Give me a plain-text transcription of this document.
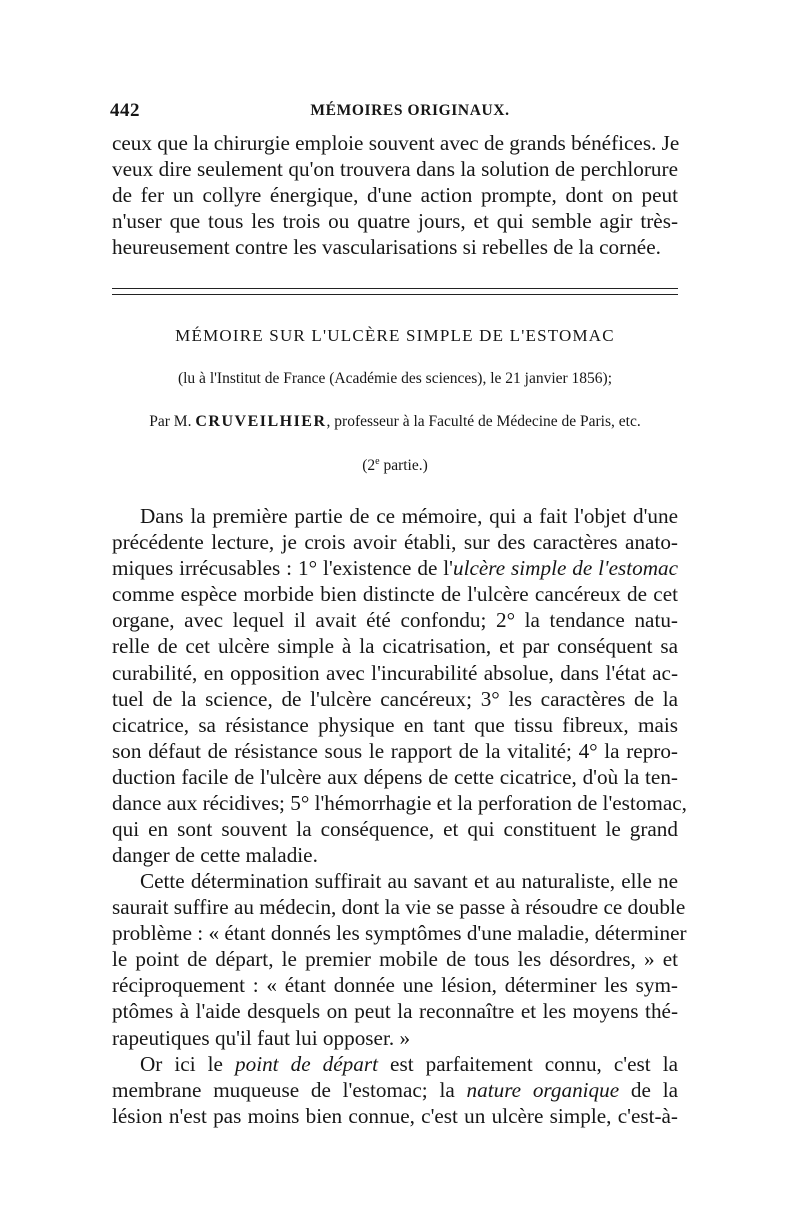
442	MÉMOIRES ORIGINAUX.

ceux que la chirurgie emploie souvent avec de grands bénéfices. Je
veux dire seulement qu'on trouvera dans la solution de perchlorure
de fer un collyre énergique, d'une action prompte, dont on peut
n'user que tous les trois ou quatre jours, et qui semble agir très-
heureusement contre les vascularisations si rebelles de la cornée.

MÉMOIRE SUR L'ULCÈRE SIMPLE DE L'ESTOMAC

(lu à l'Institut de France (Académie des sciences), le 21 janvier 1856);

Par M. CRUVEILHIER, professeur à la Faculté de Médecine de Paris, etc.

(2e partie.)

Dans la première partie de ce mémoire, qui a fait l'objet d'une
précédente lecture, je crois avoir établi, sur des caractères anato-
miques irrécusables : 1° l'existence de l'ulcère simple de l'estomac
comme espèce morbide bien distincte de l'ulcère cancéreux de cet
organe, avec lequel il avait été confondu; 2° la tendance natu-
relle de cet ulcère simple à la cicatrisation, et par conséquent sa
curabilité, en opposition avec l'incurabilité absolue, dans l'état ac-
tuel de la science, de l'ulcère cancéreux; 3° les caractères de la
cicatrice, sa résistance physique en tant que tissu fibreux, mais
son défaut de résistance sous le rapport de la vitalité; 4° la repro-
duction facile de l'ulcère aux dépens de cette cicatrice, d'où la ten-
dance aux récidives; 5° l'hémorrhagie et la perforation de l'estomac,
qui en sont souvent la conséquence, et qui constituent le grand
danger de cette maladie.

Cette détermination suffirait au savant et au naturaliste, elle ne
saurait suffire au médecin, dont la vie se passe à résoudre ce double
problème : « étant donnés les symptômes d'une maladie, déterminer
le point de départ, le premier mobile de tous les désordres, » et
réciproquement : « étant donnée une lésion, déterminer les sym-
ptômes à l'aide desquels on peut la reconnaître et les moyens thé-
rapeutiques qu'il faut lui opposer. »

Or ici le point de départ est parfaitement connu, c'est la
membrane muqueuse de l'estomac; la nature organique de la
lésion n'est pas moins bien connue, c'est un ulcère simple, c'est-à-
